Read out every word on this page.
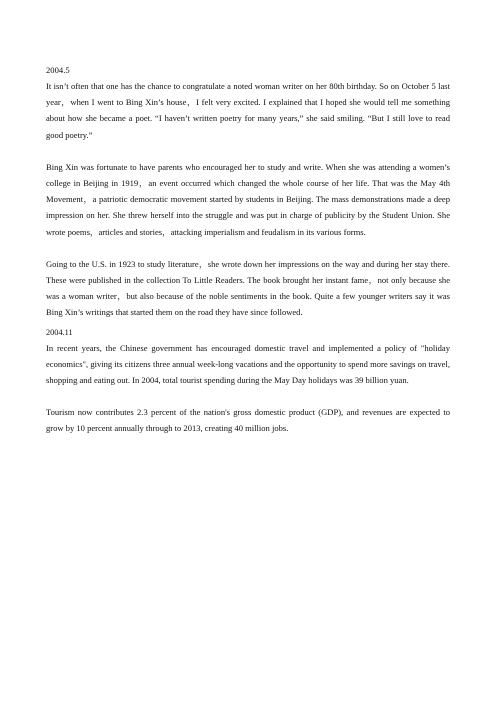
2004.5

It isn’t often that one has the chance to congratulate a noted woman writer on her 80th birthday. So on October 5 last year，when I went to Bing Xin’s house，I felt very excited. I explained that I hoped she would tell me something about how she became a poet. “I haven’t written poetry for many years,” she said smiling. “But I still love to read good poetry.”

Bing Xin was fortunate to have parents who encouraged her to study and write. When she was attending a women’s college in Beijing in 1919，an event occurred which changed the whole course of her life. That was the May 4th Movement，a patriotic democratic movement started by students in Beijing. The mass demonstrations made a deep impression on her. She threw herself into the struggle and was put in charge of publicity by the Student Union. She wrote poems，articles and stories，attacking imperialism and feudalism in its various forms.

Going to the U.S. in 1923 to study literature，she wrote down her impressions on the way and during her stay there. These were published in the collection To Little Readers. The book brought her instant fame，not only because she was a woman writer，but also because of the noble sentiments in the book. Quite a few younger writers say it was Bing Xin’s writings that started them on the road they have since followed.

2004.11

In recent years, the Chinese government has encouraged domestic travel and implemented a policy of "holiday economics", giving its citizens three annual week-long vacations and the opportunity to spend more savings on travel, shopping and eating out. In 2004, total tourist spending during the May Day holidays was 39 billion yuan.

Tourism now contributes 2.3 percent of the nation's gross domestic product (GDP), and revenues are expected to grow by 10 percent annually through to 2013, creating 40 million jobs.
